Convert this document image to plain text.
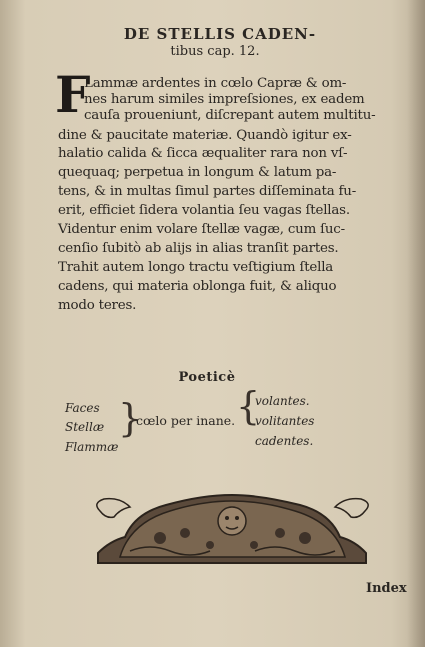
DE STELLIS CADEN-
tibus cap. 12.
F
Lammæ ardentes in cœlo Capræ & om-
nes harum similes impreſsiones, ex eadem
cauſa proueniunt, diſcrepant autem multitu-
dine & paucitate materiæ. Quandò igitur ex-
halatio calida & ſicca æqualiter rara non vſ-
quequaq; perpetua in longum & latum pa-
tens, & in multas ſimul partes diſſeminata fu-
erit, efficiet ſidera volantia ſeu vagas ſtellas.
Videntur enim volare ſtellæ vagæ, cum ſuc-
cenſio ſubitò ab alijs in alias tranſit partes.
Trahit autem longo tractu veſtigium ſtella
cadens, qui materia oblonga fuit, & aliquo
modo teres.
Poeticè
Faces
Stellæ
Flammæ
}
cœlo per inane. {
volantes.
volitantes
cadentes.
Index
